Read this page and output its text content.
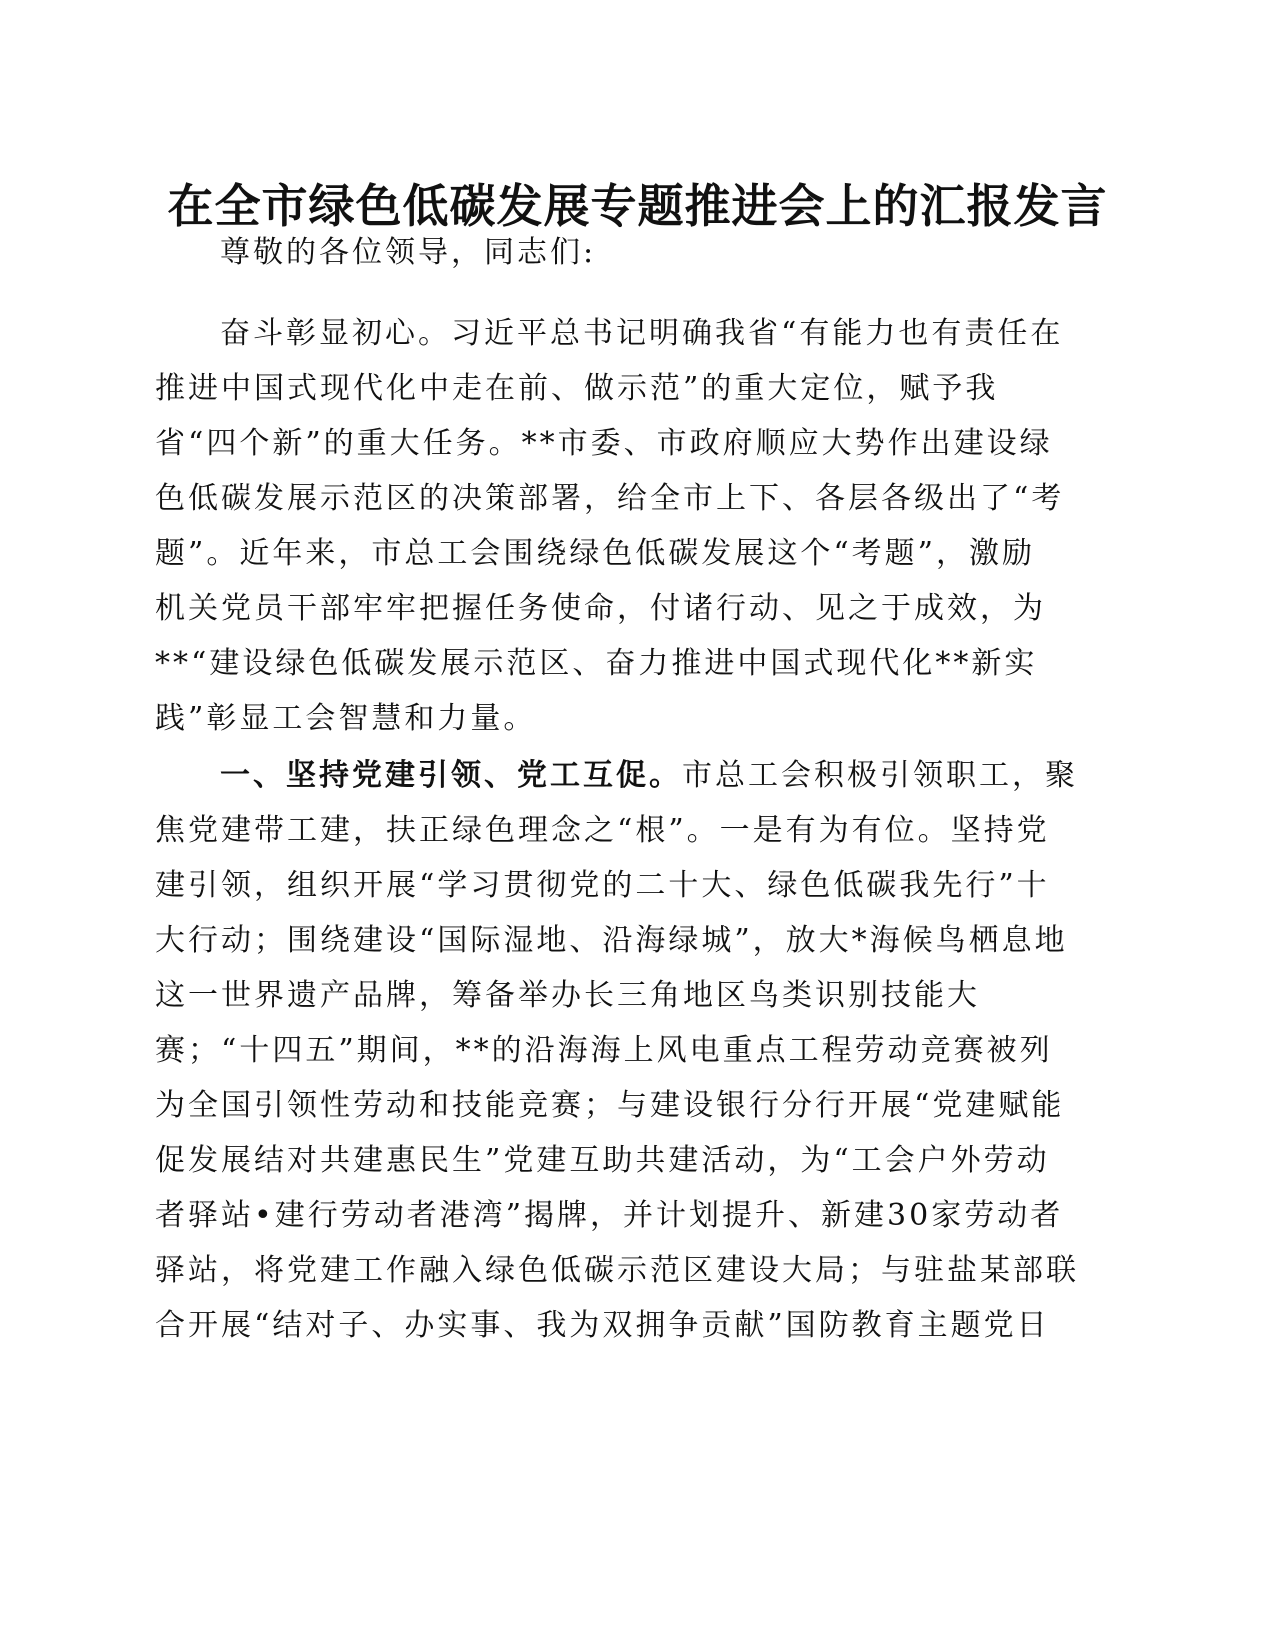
在全市绿色低碳发展专题推进会上的汇报发言
尊敬的各位领导，同志们:
奋斗彰显初心。习近平总书记明确我省“有能力也有责任在
推进中国式现代化中走在前、做示范”的重大定位，赋予我
省“四个新”的重大任务。**市委、市政府顺应大势作出建设绿
色低碳发展示范区的决策部署，给全市上下、各层各级出了“考
题”。近年来，市总工会围绕绿色低碳发展这个“考题”，激励
机关党员干部牢牢把握任务使命，付诸行动、见之于成效，为
**“建设绿色低碳发展示范区、奋力推进中国式现代化**新实
践”彰显工会智慧和力量。
一、坚持党建引领、党工互促。市总工会积极引领职工，聚
焦党建带工建，扶正绿色理念之“根”。一是有为有位。坚持党
建引领，组织开展“学习贯彻党的二十大、绿色低碳我先行”十
大行动；围绕建设“国际湿地、沿海绿城”，放大*海候鸟栖息地
这一世界遗产品牌，筹备举办长三角地区鸟类识别技能大
赛；“十四五”期间，**的沿海海上风电重点工程劳动竞赛被列
为全国引领性劳动和技能竞赛；与建设银行分行开展“党建赋能
促发展结对共建惠民生”党建互助共建活动，为“工会户外劳动
者驿站•建行劳动者港湾”揭牌，并计划提升、新建30家劳动者
驿站，将党建工作融入绿色低碳示范区建设大局；与驻盐某部联
合开展“结对子、办实事、我为双拥争贡献”国防教育主题党日
